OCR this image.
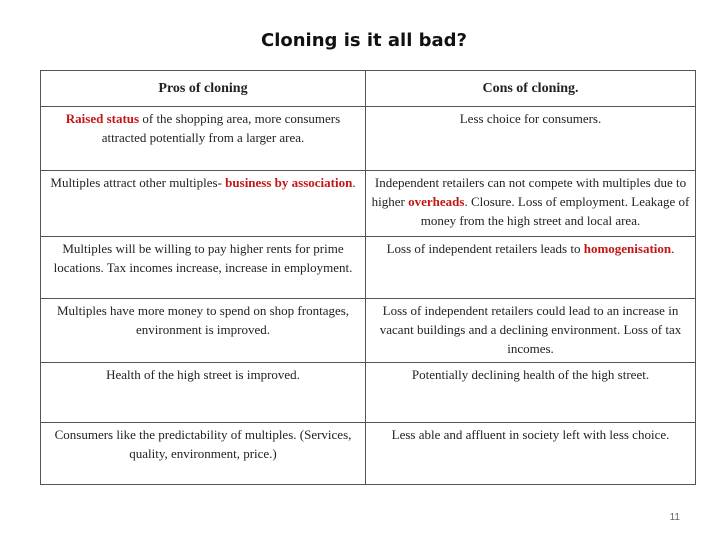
Cloning is it all bad?
Pros of cloning	Cons of cloning.
Raised status of the shopping area, more consumers attracted potentially from a larger area.	Less choice for consumers.
Multiples attract other multiples- business by association.	Independent retailers can not compete with multiples due to higher overheads. Closure. Loss of employment. Leakage of money from the high street and local area.
Multiples will be willing to pay higher rents for prime locations. Tax incomes increase, increase in employment.	Loss of independent retailers leads to homogenisation.
Multiples have more money to spend on shop frontages, environment is improved.	Loss of independent retailers could lead to an increase in vacant buildings and a declining environment. Loss of tax incomes.
Health of the high street is improved.	Potentially declining health of the high street.
Consumers like the predictability of multiples. (Services, quality, environment, price.)	Less able and affluent in society left with less choice.
11
